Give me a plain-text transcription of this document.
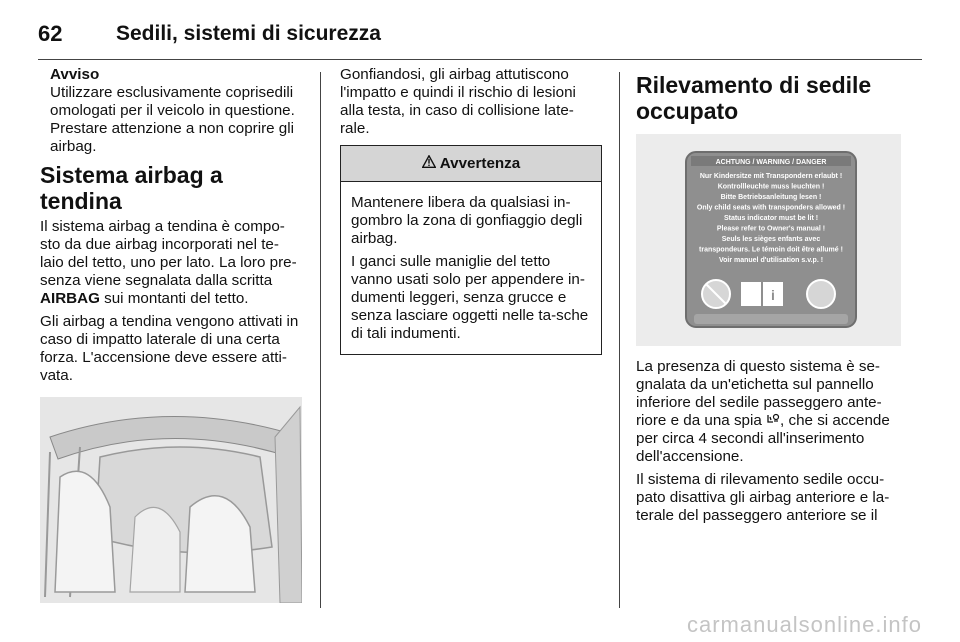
62	Sedili, sistemi di sicurezza
Avviso

Utilizzare esclusivamente coprisedili omologati per il veicolo in questione. Prestare attenzione a non coprire gli airbag.

Sistema airbag a tendina

Il sistema airbag a tendina è compo-sto da due airbag incorporati nel te-laio del tetto, uno per lato. La loro pre-senza viene segnalata dalla scritta AIRBAG sui montanti del tetto.

Gli airbag a tendina vengono attivati in caso di impatto laterale di una certa forza. L'accensione deve essere atti-vata.

Gonfiandosi, gli airbag attutiscono l'impatto e quindi il rischio di lesioni alla testa, in caso di collisione late-rale.

Avvertenza

Mantenere libera da qualsiasi in-gombro la zona di gonfiaggio degli airbag.

I ganci sulle maniglie del tetto vanno usati solo per appendere in-dumenti leggeri, senza grucce e senza lasciare oggetti nelle ta-sche di tali indumenti.

Rilevamento di sedile occupato
ACHTUNG / WARNING / DANGER
Nur Kindersitze mit Transpondern erlaubt !
Kontrollleuchte muss leuchten !
Bitte Betriebsanleitung lesen !
Only child seats with transponders allowed !
Status indicator must be lit !
Please refer to Owner's manual !
Seuls les sièges enfants avec
transpondeurs. Le témoin doit être allumé !
Voir manuel d'utilisation s.v.p. !
i

La presenza di questo sistema è se-gnalata da un'etichetta sul pannello inferiore del sedile passeggero ante-riore e da una spia , che si accende per circa 4 secondi all'inserimento dell'accensione.

Il sistema di rilevamento sedile occu-pato disattiva gli airbag anteriore e la-terale del passeggero anteriore se il

carmanualsonline.info
